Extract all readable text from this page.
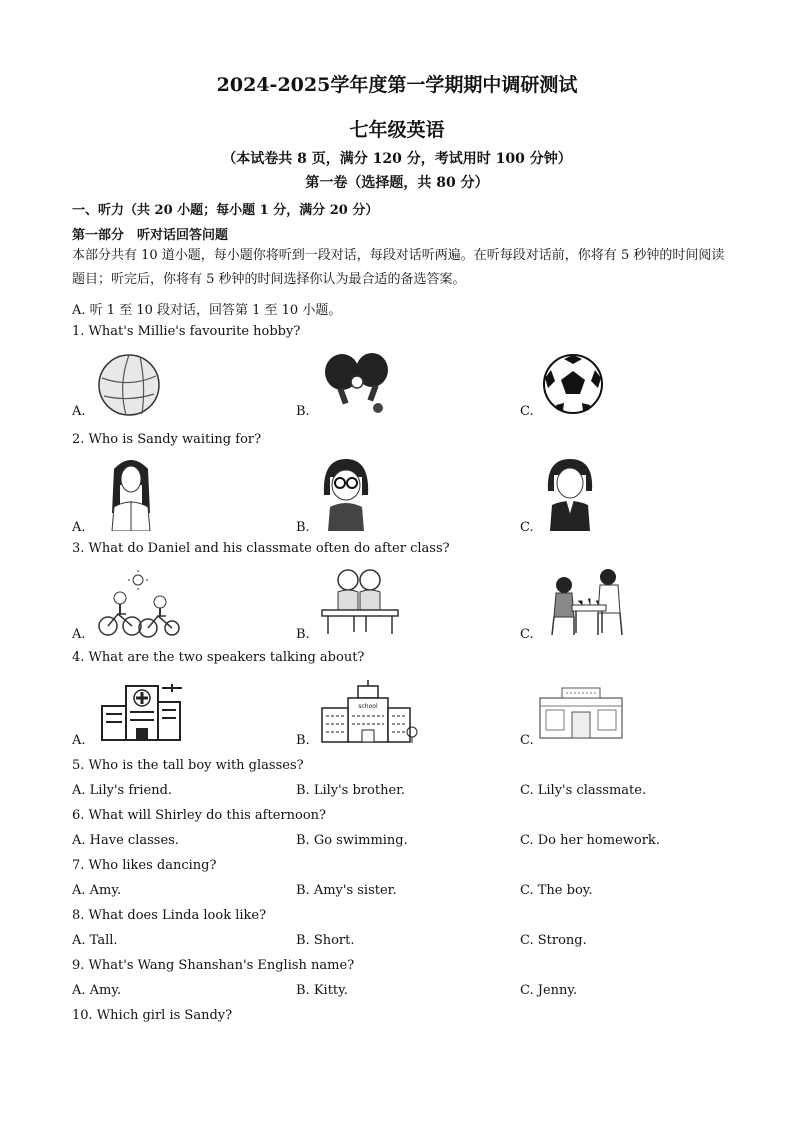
2024-2025学年度第一学期期中调研测试
七年级英语
（本试卷共 8 页，满分 120 分，考试用时 100 分钟）
第一卷（选择题，共 80 分）
一、听力（共 20 小题；每小题 1 分，满分 20 分）
第一部分　听对话回答问题
本部分共有 10 道小题，每小题你将听到一段对话，每段对话听两遍。在听每段对话前，你将有 5 秒钟的时间阅读题目；听完后，你将有 5 秒钟的时间选择你认为最合适的备选答案。
A. 听 1 至 10 段对话，回答第 1 至 10 小题。
1. What's Millie's favourite hobby?
A.	B.	C.
2. Who is Sandy waiting for?
A.	B.	C.
3. What do Daniel and his classmate often do after class?
A.	B.	C.
4. What are the two speakers talking about?
A.	B.	C.
school
5. Who is the tall boy with glasses?
A. Lily's friend.	B. Lily's brother.	C. Lily's classmate.
6. What will Shirley do this afternoon?
A. Have classes.	B. Go swimming.	C. Do her homework.
7. Who likes dancing?
A. Amy.	B. Amy's sister.	C. The boy.
8. What does Linda look like?
A. Tall.	B. Short.	C. Strong.
9. What's Wang Shanshan's English name?
A. Amy.	B. Kitty.	C. Jenny.
10. Which girl is Sandy?
